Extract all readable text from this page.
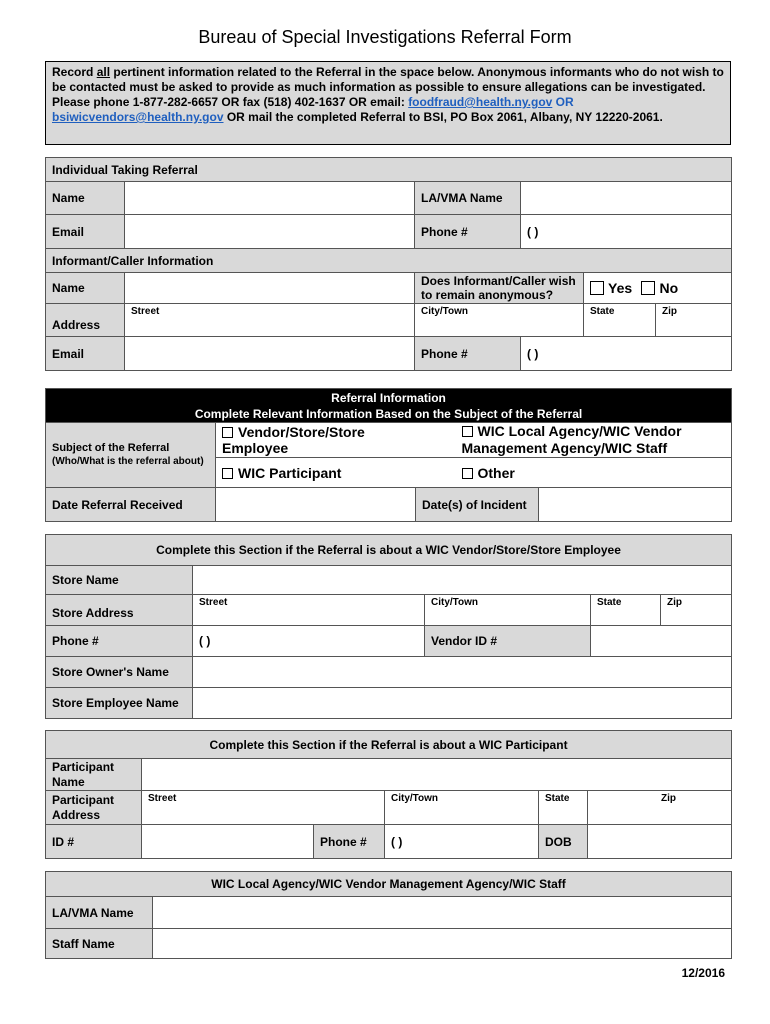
Bureau of Special Investigations Referral Form
Record all pertinent information related to the Referral in the space below. Anonymous informants who do not wish to be contacted must be asked to provide as much information as possible to ensure allegations can be investigated.
Please phone 1-877-282-6657 OR fax (518) 402-1637 OR email: foodfraud@health.ny.gov OR bsiwicvendors@health.ny.gov OR mail the completed Referral to BSI, PO Box 2061, Albany, NY 12220-2061.
Individual Taking Referral					
Name		LA/VMA Name			
Email		Phone #	( )		
Informant/Caller Information					
Name		Does Informant/Caller wish to remain anonymous?		Yes No	
Address	Street	City/Town		State	Zip
Email		Phone #	( )		
Referral Information
Complete Relevant Information Based on the Subject of the Referral			

Subject of the Referral
(Who/What is the referral about)	Vendor/Store/Store Employee	WIC Local Agency/WIC Vendor Management Agency/WIC Staff	
	WIC Participant	Other	
Date Referral Received		Date(s) of Incident	
Complete this Section if the Referral is about a WIC Vendor/Store/Store Employee				
Store Name				
Store Address	Street	City/Town	State	Zip
Phone #	( )	Vendor ID #		
Store Owner's Name				
Store Employee Name				
Complete this Section if the Referral is about a WIC Participant					
Participant Name					
Participant Address	Street		City/Town	State	Zip
ID #		Phone #	( )	DOB	
WIC Local Agency/WIC Vendor Management Agency/WIC Staff	
LA/VMA Name	
Staff Name	
12/2016
